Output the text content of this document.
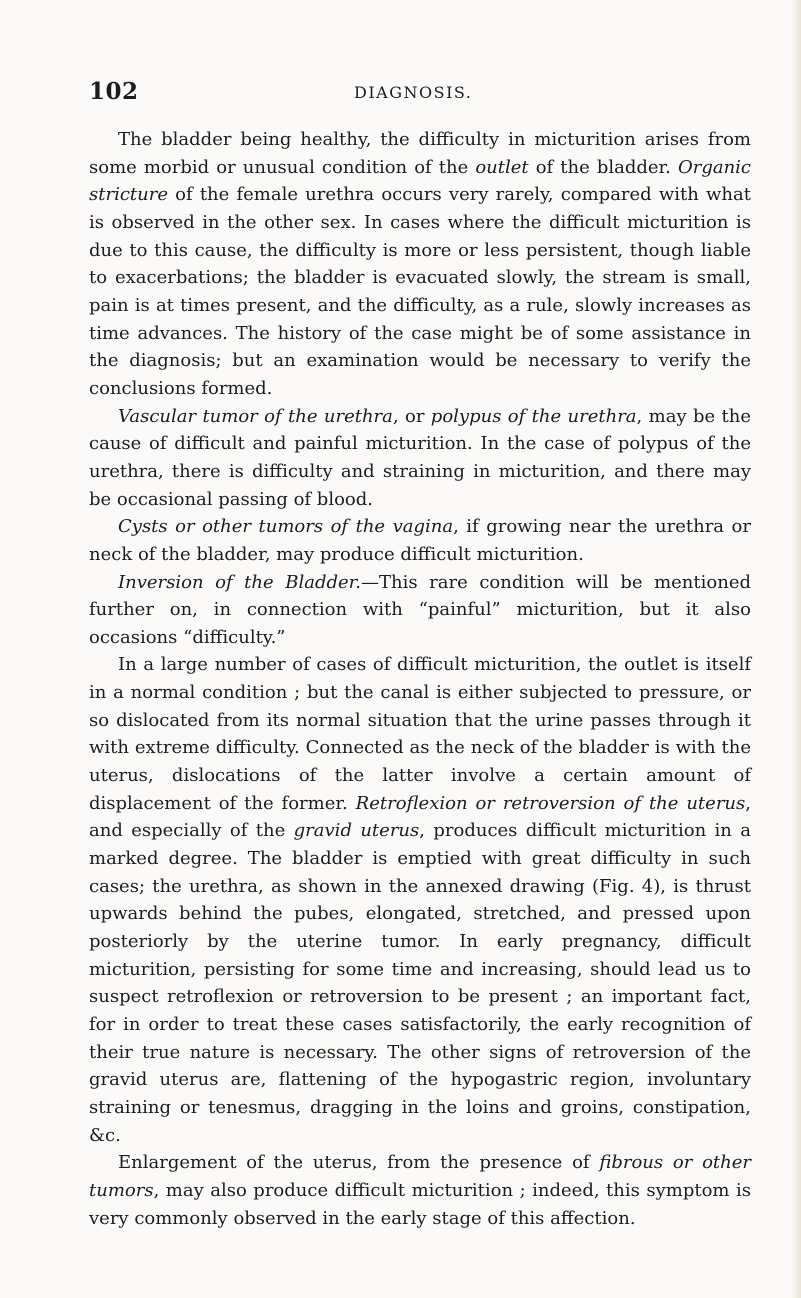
102	DIAGNOSIS.

The bladder being healthy, the difficulty in micturition arises from some morbid or unusual condition of the outlet of the bladder. Organic stricture of the female urethra occurs very rarely, compared with what is observed in the other sex. In cases where the difficult micturition is due to this cause, the difficulty is more or less persistent, though liable to exacerbations; the bladder is evacuated slowly, the stream is small, pain is at times present, and the difficulty, as a rule, slowly increases as time advances. The history of the case might be of some assistance in the diagnosis; but an examination would be necessary to verify the conclusions formed.

Vascular tumor of the urethra, or polypus of the urethra, may be the cause of difficult and painful micturition. In the case of polypus of the urethra, there is difficulty and straining in micturition, and there may be occasional passing of blood.

Cysts or other tumors of the vagina, if growing near the urethra or neck of the bladder, may produce difficult micturition.

Inversion of the Bladder.—This rare condition will be mentioned further on, in connection with “painful” micturition, but it also occasions “difficulty.”

In a large number of cases of difficult micturition, the outlet is itself in a normal condition ; but the canal is either subjected to pressure, or so dislocated from its normal situation that the urine passes through it with extreme difficulty. Connected as the neck of the bladder is with the uterus, dislocations of the latter involve a certain amount of displacement of the former. Retroflexion or retroversion of the uterus, and especially of the gravid uterus, produces difficult micturition in a marked degree. The bladder is emptied with great difficulty in such cases; the urethra, as shown in the annexed drawing (Fig. 4), is thrust upwards behind the pubes, elongated, stretched, and pressed upon posteriorly by the uterine tumor. In early pregnancy, difficult micturition, persisting for some time and increasing, should lead us to suspect retroflexion or retroversion to be present ; an important fact, for in order to treat these cases satisfactorily, the early recognition of their true nature is necessary. The other signs of retroversion of the gravid uterus are, flattening of the hypogastric region, involuntary straining or tenesmus, dragging in the loins and groins, constipation, &c.

Enlargement of the uterus, from the presence of fibrous or other tumors, may also produce difficult micturition ; indeed, this symptom is very commonly observed in the early stage of this affection.
